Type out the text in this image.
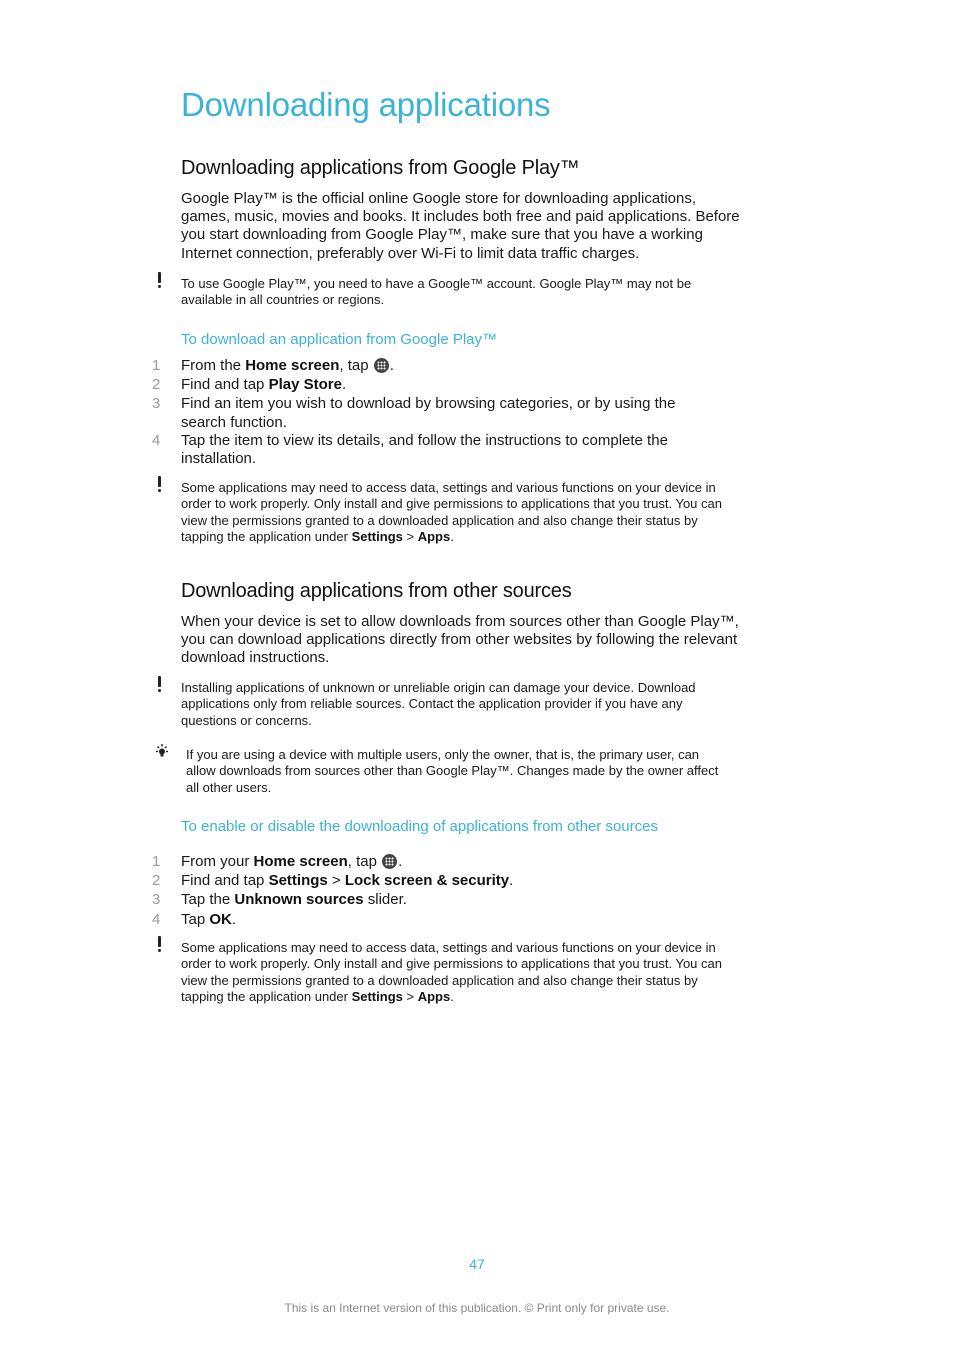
Downloading applications
Downloading applications from Google Play™
Google Play™ is the official online Google store for downloading applications,
games, music, movies and books. It includes both free and paid applications. Before
you start downloading from Google Play™, make sure that you have a working
Internet connection, preferably over Wi-Fi to limit data traffic charges.
To use Google Play™, you need to have a Google™ account. Google Play™ may not be
available in all countries or regions.
To download an application from Google Play™
1	From the Home screen, tap .
2	Find and tap Play Store.
3	Find an item you wish to download by browsing categories, or by using the
search function.
4	Tap the item to view its details, and follow the instructions to complete the
installation.
Some applications may need to access data, settings and various functions on your device in
order to work properly. Only install and give permissions to applications that you trust. You can
view the permissions granted to a downloaded application and also change their status by
tapping the application under Settings > Apps.
Downloading applications from other sources
When your device is set to allow downloads from sources other than Google Play™,
you can download applications directly from other websites by following the relevant
download instructions.
Installing applications of unknown or unreliable origin can damage your device. Download
applications only from reliable sources. Contact the application provider if you have any
questions or concerns.
If you are using a device with multiple users, only the owner, that is, the primary user, can
allow downloads from sources other than Google Play™. Changes made by the owner affect
all other users.
To enable or disable the downloading of applications from other sources
1	From your Home screen, tap .
2	Find and tap Settings > Lock screen & security.
3	Tap the Unknown sources slider.
4	Tap OK.
Some applications may need to access data, settings and various functions on your device in
order to work properly. Only install and give permissions to applications that you trust. You can
view the permissions granted to a downloaded application and also change their status by
tapping the application under Settings > Apps.
47
This is an Internet version of this publication. © Print only for private use.
